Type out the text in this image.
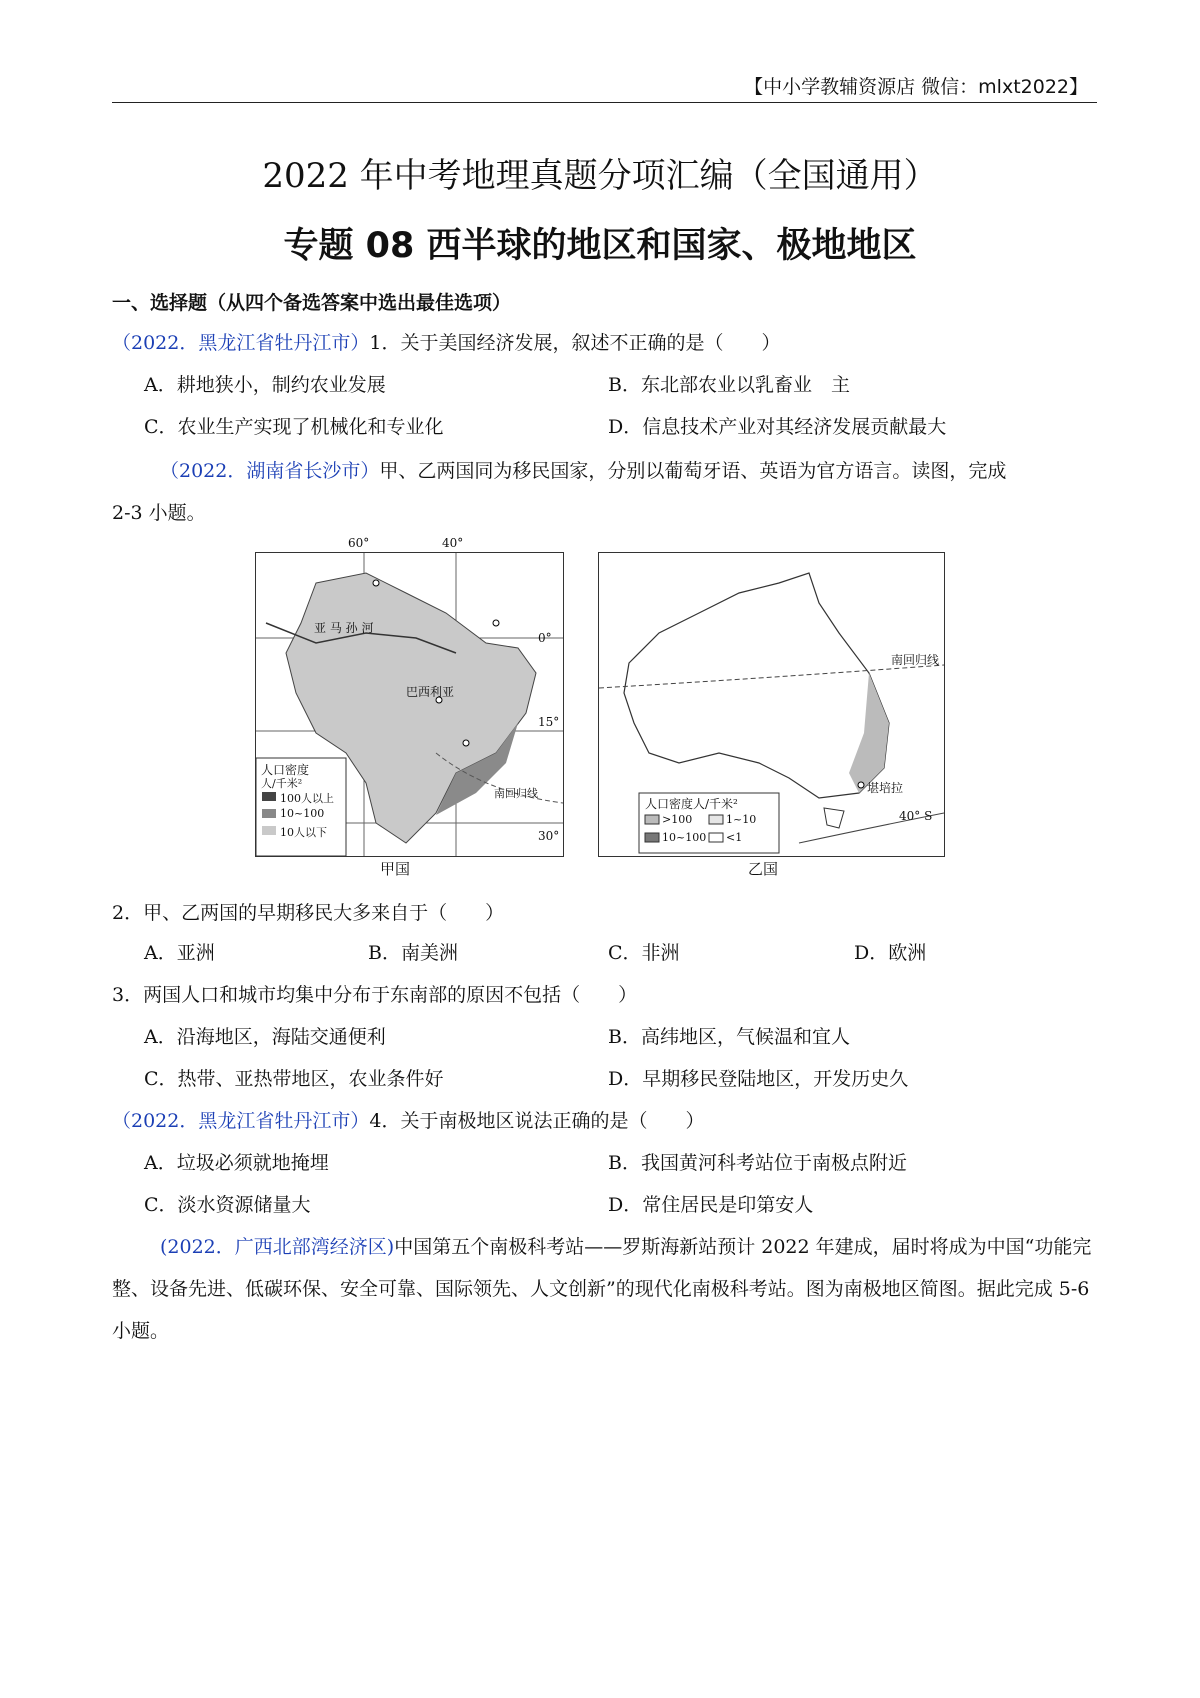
【中小学教辅资源店 微信：mlxt2022】
2022 年中考地理真题分项汇编（全国通用）
专题 08 西半球的地区和国家、极地地区
一、选择题（从四个备选答案中选出最佳选项）
（2022．黑龙江省牡丹江市）1．关于美国经济发展，叙述不正确的是（　　）
A．耕地狭小，制约农业发展	B．东北部农业以乳畜业　主
C．农业生产实现了机械化和专业化	D．信息技术产业对其经济发展贡献最大
（2022．湖南省长沙市）甲、乙两国同为移民国家，分别以葡萄牙语、英语为官方语言。读图，完成
2-3 小题。
60°	40°
0°
15°
30°
亚 马 孙 河
巴西利亚
南回归线
人口密度
人/千米²
100人以上
10~100
10人以下
甲国
南回归线
堪培拉
40° S
人口密度人/千米²
>100	1~10
10~100 <1
乙国
2．甲、乙两国的早期移民大多来自于（　　）
A．亚洲	B．南美洲	C．非洲	D．欧洲
3．两国人口和城市均集中分布于东南部的原因不包括（　　）
A．沿海地区，海陆交通便利	B．高纬地区，气候温和宜人
C．热带、亚热带地区，农业条件好	D．早期移民登陆地区，开发历史久
（2022．黑龙江省牡丹江市）4．关于南极地区说法正确的是（　　）
A．垃圾必须就地掩埋	B．我国黄河科考站位于南极点附近
C．淡水资源储量大	D．常住居民是印第安人
(2022．广西北部湾经济区)中国第五个南极科考站——罗斯海新站预计 2022 年建成，届时将成为中国“功能完整、设备先进、低碳环保、安全可靠、国际领先、人文创新”的现代化南极科考站。图为南极地区简图。据此完成 5-6 小题。
